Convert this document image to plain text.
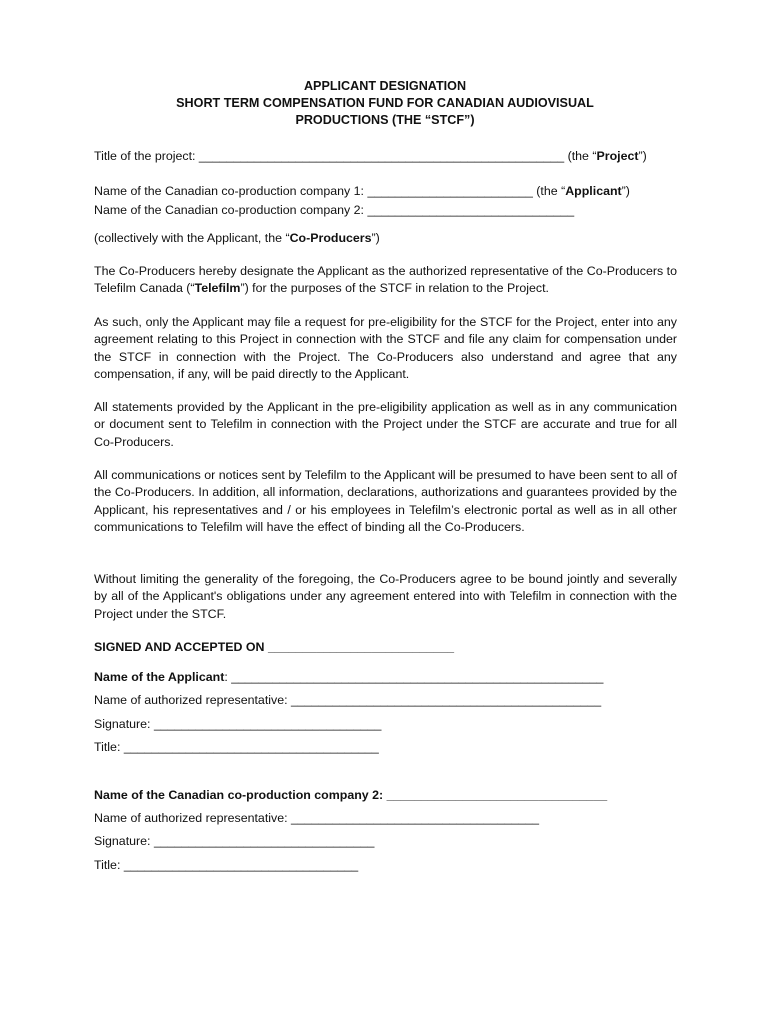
APPLICANT DESIGNATION
SHORT TERM COMPENSATION FUND FOR CANADIAN AUDIOVISUAL
PRODUCTIONS (THE “STCF”)
Title of the project: _____________________________________________________ (the “Project”)
Name of the Canadian co-production company 1: ________________________ (the “Applicant”)
Name of the Canadian co-production company 2: ______________________________
(collectively with the Applicant, the “Co-Producers”)

The Co-Producers hereby designate the Applicant as the authorized representative of the Co-Producers to Telefilm Canada (“Telefilm”) for the purposes of the STCF in relation to the Project.

As such, only the Applicant may file a request for pre-eligibility for the STCF for the Project, enter into any agreement relating to this Project in connection with the STCF and file any claim for compensation under the STCF in connection with the Project. The Co-Producers also understand and agree that any compensation, if any, will be paid directly to the Applicant.

All statements provided by the Applicant in the pre-eligibility application as well as in any communication or document sent to Telefilm in connection with the Project under the STCF are accurate and true for all Co-Producers.

All communications or notices sent by Telefilm to the Applicant will be presumed to have been sent to all of the Co-Producers. In addition, all information, declarations, authorizations and guarantees provided by the Applicant, his representatives and / or his employees in Telefilm’s electronic portal as well as in all other communications to Telefilm will have the effect of binding all the Co-Producers.

Without limiting the generality of the foregoing, the Co-Producers agree to be bound jointly and severally by all of the Applicant's obligations under any agreement entered into with Telefilm in connection with the Project under the STCF.

SIGNED AND ACCEPTED ON ___________________________
Name of the Applicant: ______________________________________________________
Name of authorized representative: _____________________________________________
Signature: _________________________________
Title: _____________________________________
Name of the Canadian co-production company 2: ________________________________
Name of authorized representative: ____________________________________
Signature: ________________________________
Title: __________________________________
